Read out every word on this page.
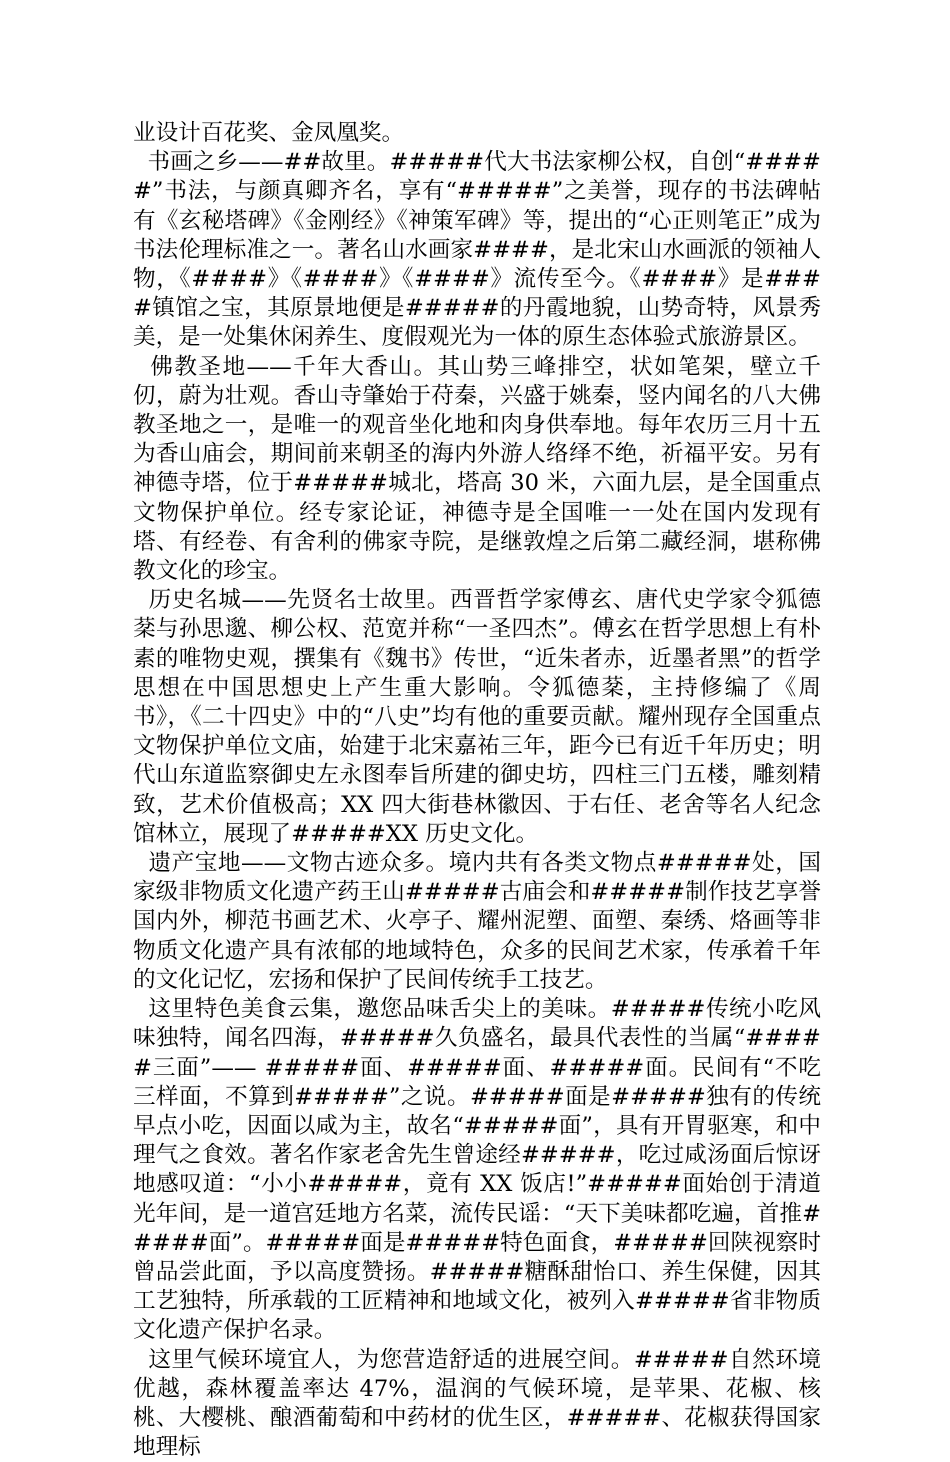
业设计百花奖、金凤凰奖。

书画之乡——##故里。#####代大书法家柳公权，自创“#####”书法，与颜真卿齐名，享有“#####”之美誉，现存的书法碑帖有《玄秘塔碑》《金刚经》《神策军碑》等，提出的“心正则笔正”成为书法伦理标准之一。著名山水画家####，是北宋山水画派的领袖人物，《####》《####》《####》流传至今。《####》是####镇馆之宝，其原景地便是#####的丹霞地貌，山势奇特，风景秀美，是一处集休闲养生、度假观光为一体的原生态体验式旅游景区。

佛教圣地——千年大香山。其山势三峰排空，状如笔架，壁立千仞，蔚为壮观。香山寺肇始于苻秦，兴盛于姚秦，竖内闻名的八大佛教圣地之一，是唯一的观音坐化地和肉身供奉地。每年农历三月十五为香山庙会，期间前来朝圣的海内外游人络绎不绝，祈福平安。另有神德寺塔，位于#####城北，塔高 30 米，六面九层，是全国重点文物保护单位。经专家论证，神德寺是全国唯一一处在国内发现有塔、有经卷、有舍利的佛家寺院，是继敦煌之后第二藏经洞，堪称佛教文化的珍宝。

历史名城——先贤名士故里。西晋哲学家傅玄、唐代史学家令狐德棻与孙思邈、柳公权、范宽并称“一圣四杰”。傅玄在哲学思想上有朴素的唯物史观，撰集有《魏书》传世，“近朱者赤，近墨者黑”的哲学思想在中国思想史上产生重大影响。令狐德棻，主持修编了《周书》，《二十四史》中的“八史”均有他的重要贡献。耀州现存全国重点文物保护单位文庙，始建于北宋嘉祐三年，距今已有近千年历史；明代山东道监察御史左永图奉旨所建的御史坊，四柱三门五楼，雕刻精致，艺术价值极高；XX 四大街巷林徽因、于右任、老舍等名人纪念馆林立，展现了#####XX 历史文化。

遗产宝地——文物古迹众多。境内共有各类文物点#####处，国家级非物质文化遗产药王山#####古庙会和#####制作技艺享誉国内外，柳范书画艺术、火亭子、耀州泥塑、面塑、秦绣、烙画等非物质文化遗产具有浓郁的地域特色，众多的民间艺术家，传承着千年的文化记忆，宏扬和保护了民间传统手工技艺。

这里特色美食云集，邀您品味舌尖上的美味。#####传统小吃风味独特，闻名四海，#####久负盛名，最具代表性的当属“#####三面”—— #####面、#####面、#####面。民间有“不吃三样面，不算到#####”之说。#####面是#####独有的传统早点小吃，因面以咸为主，故名“#####面”，具有开胃驱寒，和中理气之食效。著名作家老舍先生曾途经#####，吃过咸汤面后惊讶地感叹道：“小小#####，竟有 XX 饭店!”#####面始创于清道光年间，是一道宫廷地方名菜，流传民谣：“天下美味都吃遍，首推#####面”。#####面是#####特色面食，#####回陕视察时曾品尝此面，予以高度赞扬。#####糖酥甜怡口、养生保健，因其工艺独特，所承载的工匠精神和地域文化，被列入#####省非物质文化遗产保护名录。

这里气候环境宜人，为您营造舒适的进展空间。#####自然环境优越，森林覆盖率达 47%，温润的气候环境，是苹果、花椒、核桃、大樱桃、酿酒葡萄和中药材的优生区，#####、花椒获得国家地理标
